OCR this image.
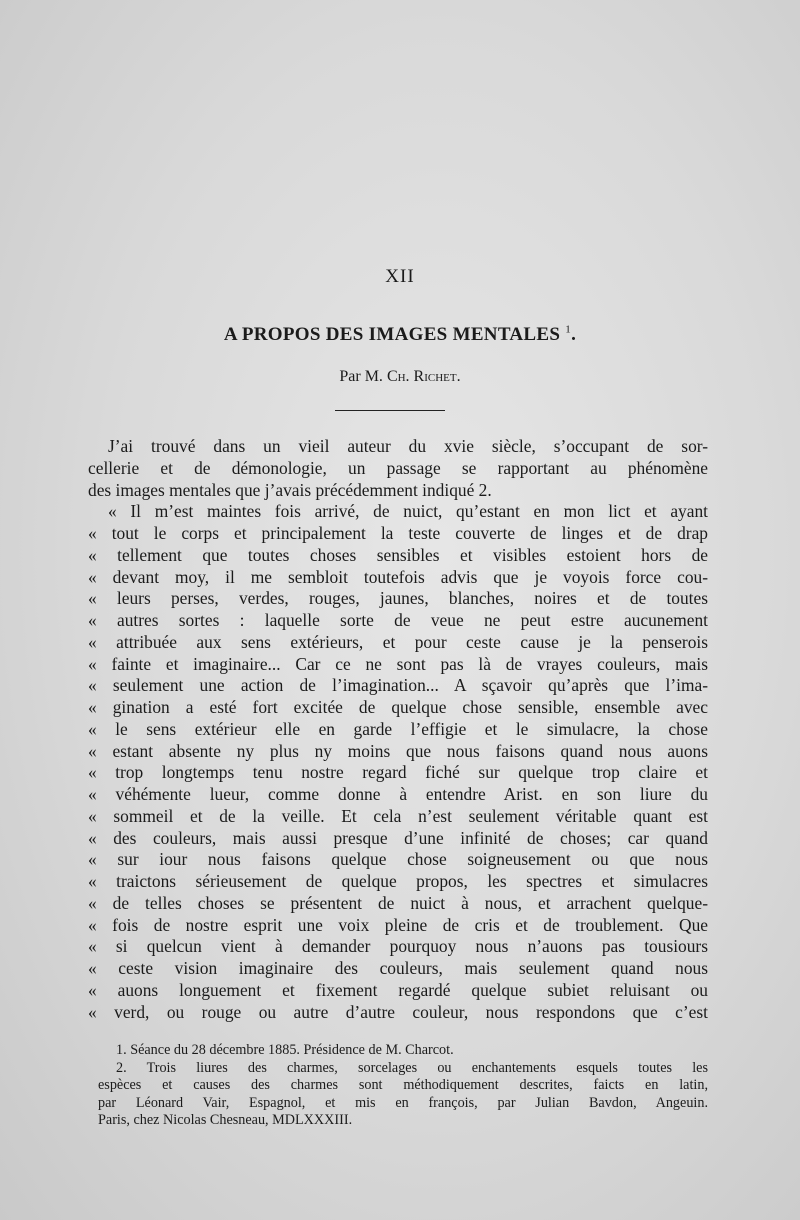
XII
A PROPOS DES IMAGES MENTALES $^1$.
Par M. Ch. Richet.
J’ai trouvé dans un vieil auteur du xvie siècle, s’occupant de sor-
cellerie et de démonologie, un passage se rapportant au phénomène
des images mentales que j’avais précédemment indiqué 2.
« Il m’est maintes fois arrivé, de nuict, qu’estant en mon lict et ayant
« tout le corps et principalement la teste couverte de linges et de drap
« tellement que toutes choses sensibles et visibles estoient hors de
« devant moy, il me sembloit toutefois advis que je voyois force cou-
« leurs perses, verdes, rouges, jaunes, blanches, noires et de toutes
« autres sortes : laquelle sorte de veue ne peut estre aucunement
« attribuée aux sens extérieurs, et pour ceste cause je la penserois
« fainte et imaginaire... Car ce ne sont pas là de vrayes couleurs, mais
« seulement une action de l’imagination... A sçavoir qu’après que l’ima-
« gination a esté fort excitée de quelque chose sensible, ensemble avec
« le sens extérieur elle en garde l’effigie et le simulacre, la chose
« estant absente ny plus ny moins que nous faisons quand nous auons
« trop longtemps tenu nostre regard fiché sur quelque trop claire et
« véhémente lueur, comme donne à entendre Arist. en son liure du
« sommeil et de la veille. Et cela n’est seulement véritable quant est
« des couleurs, mais aussi presque d’une infinité de choses; car quand
« sur iour nous faisons quelque chose soigneusement ou que nous
« traictons sérieusement de quelque propos, les spectres et simulacres
« de telles choses se présentent de nuict à nous, et arrachent quelque-
« fois de nostre esprit une voix pleine de cris et de troublement. Que
« si quelcun vient à demander pourquoy nous n’auons pas tousiours
« ceste vision imaginaire des couleurs, mais seulement quand nous
« auons longuement et fixement regardé quelque subiet reluisant ou
« verd, ou rouge ou autre d’autre couleur, nous respondons que c’est
1. Séance du 28 décembre 1885. Présidence de M. Charcot.
2. Trois liures des charmes, sorcelages ou enchantements esquels toutes les
espèces et causes des charmes sont méthodiquement descrites, faicts en latin,
par Léonard Vair, Espagnol, et mis en françois, par Julian Bavdon, Angeuin.
Paris, chez Nicolas Chesneau, MDLXXXIII.
